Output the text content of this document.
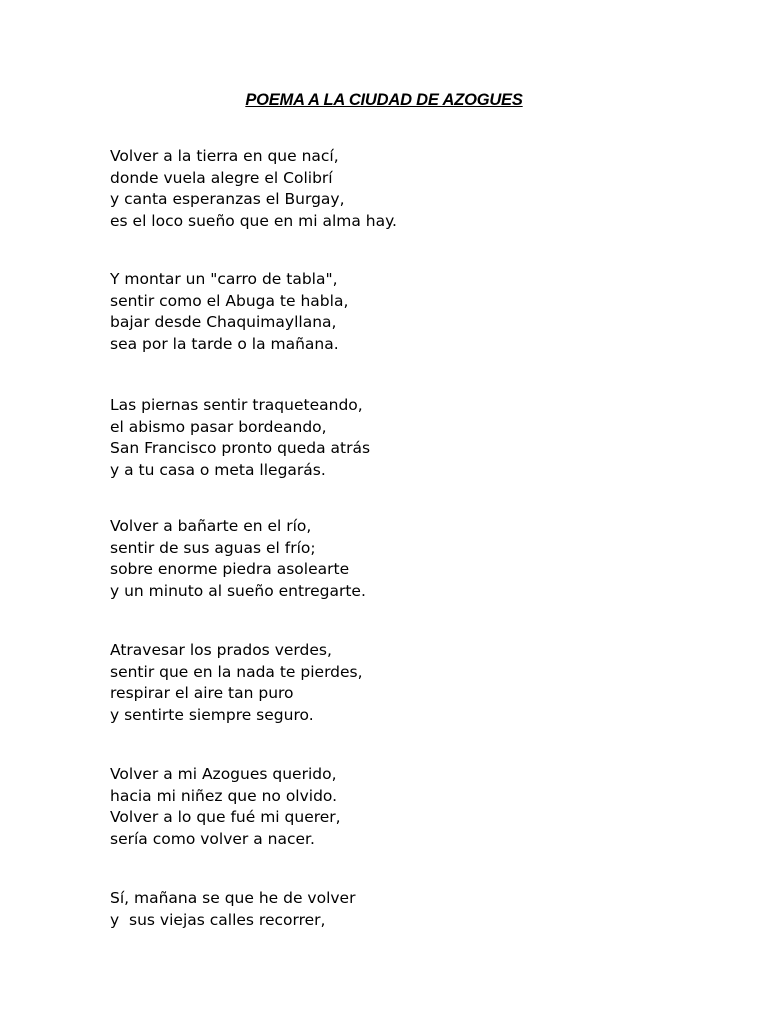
POEMA A LA CIUDAD DE AZOGUES
Volver a la tierra en que nací,
donde vuela alegre el Colibrí
y canta esperanzas el Burgay,
es el loco sueño que en mi alma hay.
Y montar un "carro de tabla",
sentir como el Abuga te habla,
bajar desde Chaquimayllana,
sea por la tarde o la mañana.
Las piernas sentir traqueteando,
el abismo pasar bordeando,
San Francisco pronto queda atrás
y a tu casa o meta llegarás.
Volver a bañarte en el río,
sentir de sus aguas el frío;
sobre enorme piedra asolearte
y un minuto al sueño entregarte.
Atravesar los prados verdes,
sentir que en la nada te pierdes,
respirar el aire tan puro
y sentirte siempre seguro.
Volver a mi Azogues querido,
hacia mi niñez que no olvido.
Volver a lo que fué mi querer,
sería como volver a nacer.
Sí, mañana se que he de volver
y  sus viejas calles recorrer,
